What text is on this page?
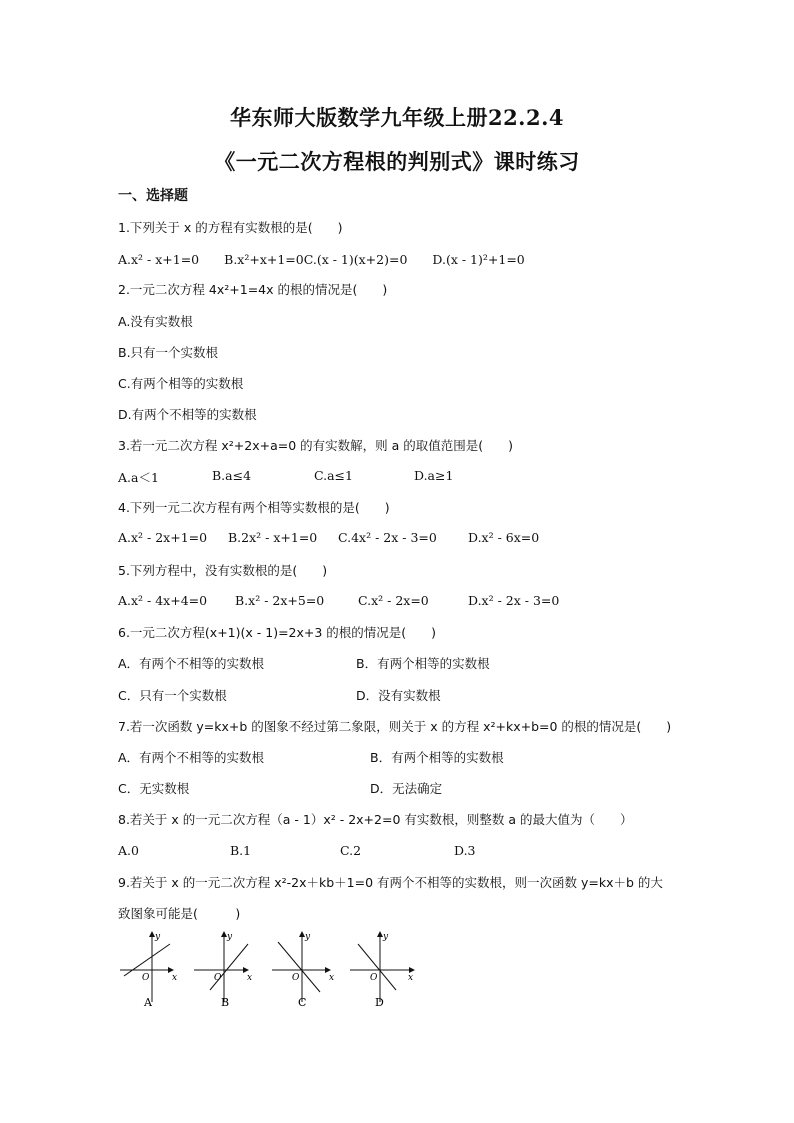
华东师大版数学九年级上册22.2.4
《一元二次方程根的判别式》课时练习
一、选择题
1.下列关于 x 的方程有实数根的是(　　)
A.x² - x+1=0　　B.x²+x+1=0C.(x - 1)(x+2)=0　　D.(x - 1)²+1=0
2.一元二次方程 4x²+1=4x 的根的情况是(　　)
A.没有实数根
B.只有一个实数根
C.有两个相等的实数根
D.有两个不相等的实数根
3.若一元二次方程 x²+2x+a=0 的有实数解，则 a 的取值范围是(　　)
A.a＜1	B.a≤4	C.a≤1	D.a≥1
4.下列一元二次方程有两个相等实数根的是(　　)
A.x² - 2x+1=0 B.2x² - x+1=0 C.4x² - 2x - 3=0 D.x² - 6x=0
5.下列方程中，没有实数根的是(　　)
A.x² - 4x+4=0 B.x² - 2x+5=0	C.x² - 2x=0	D.x² - 2x - 3=0
6.一元二次方程(x+1)(x - 1)=2x+3 的根的情况是(　　)
A．有两个不相等的实数根	B．有两个相等的实数根
C．只有一个实数根	D．没有实数根
7.若一次函数 y=kx+b 的图象不经过第二象限，则关于 x 的方程 x²+kx+b=0 的根的情况是(　　)
A．有两个不相等的实数根	B．有两个相等的实数根
C．无实数根	D．无法确定
8.若关于 x 的一元二次方程（a - 1）x² - 2x+2=0 有实数根，则整数 a 的最大值为（　　）
A.0	B.1	C.2	D.3
9.若关于 x 的一元二次方程 x²-2x＋kb＋1=0 有两个不相等的实数根，则一次函数 y=kx＋b 的大
致图象可能是(　　　)
y
x
O
A
y
x
O
B
y
x
O
C
y
x
O
D
